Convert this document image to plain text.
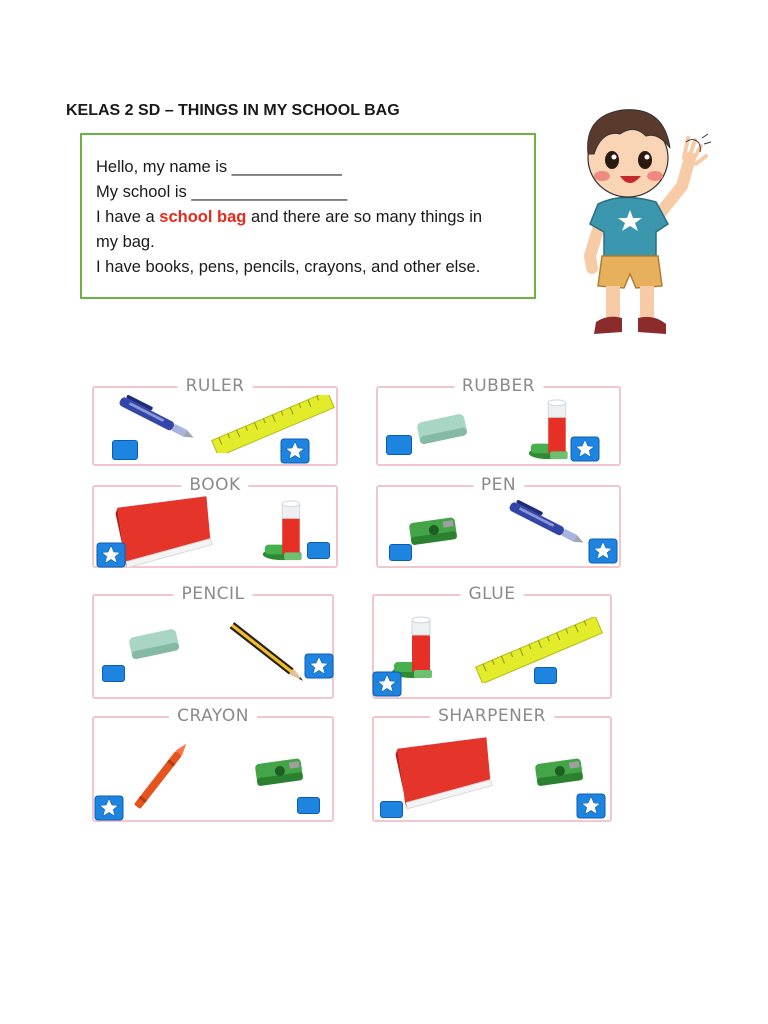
KELAS 2 SD – THINGS IN MY SCHOOL BAG

Hello, my name is ____________

My school is _________________

I have a school bag and there are so many things in

my bag.

I have books, pens, pencils, crayons, and other else.

RULER	RUBBER
BOOK	PEN
PENCIL	GLUE
CRAYON	SHARPENER
